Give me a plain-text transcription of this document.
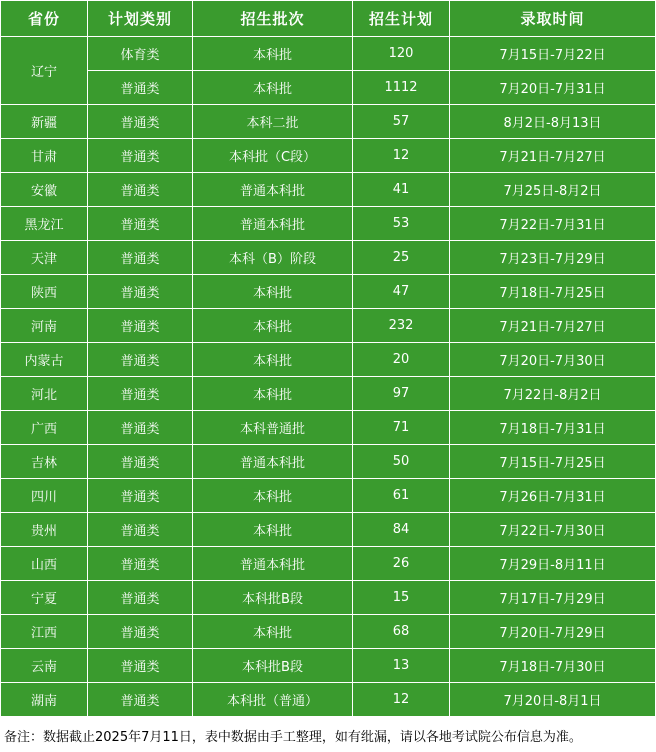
省份	计划类别	招生批次	招生计划	录取时间
辽宁	体育类	本科批	120	7月15日-7月22日
	普通类	本科批	1112	7月20日-7月31日
新疆	普通类	本科二批	57	8月2日-8月13日
甘肃	普通类	本科批（C段）	12	7月21日-7月27日
安徽	普通类	普通本科批	41	7月25日-8月2日
黑龙江	普通类	普通本科批	53	7月22日-7月31日
天津	普通类	本科（B）阶段	25	7月23日-7月29日
陕西	普通类	本科批	47	7月18日-7月25日
河南	普通类	本科批	232	7月21日-7月27日
内蒙古	普通类	本科批	20	7月20日-7月30日
河北	普通类	本科批	97	7月22日-8月2日
广西	普通类	本科普通批	71	7月18日-7月31日
吉林	普通类	普通本科批	50	7月15日-7月25日
四川	普通类	本科批	61	7月26日-7月31日
贵州	普通类	本科批	84	7月22日-7月30日
山西	普通类	普通本科批	26	7月29日-8月11日
宁夏	普通类	本科批B段	15	7月17日-7月29日
江西	普通类	本科批	68	7月20日-7月29日
云南	普通类	本科批B段	13	7月18日-7月30日
湖南	普通类	本科批（普通）	12	7月20日-8月1日
备注：数据截止2025年7月11日，表中数据由手工整理，如有纰漏，请以各地考试院公布信息为准。
